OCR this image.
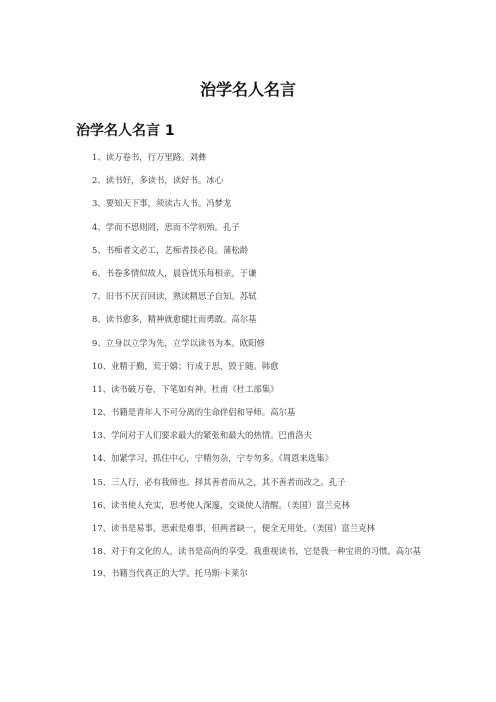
治学名人名言
治学名人名言 1
1、读万卷书，行万里路。刘彝
2、读书好，多读书，读好书。冰心
3、要知天下事，须读古人书。冯梦龙
4、学而不思则罔，思而不学则殆。孔子
5、书痴者文必工，艺痴者技必良。蒲松龄
6、书卷多情似故人，晨昏忧乐每相亲。于谦
7、旧书不厌百回读，熟读精思子自知。苏轼
8、读书愈多，精神就愈健壮而勇敢。高尔基
9、立身以立学为先，立学以读书为本。欧阳修
10、业精于勤，荒于嬉；行成于思，毁于随。韩愈
11、读书破万卷，下笔如有神。杜甫《杜工部集》
12、书籍是青年人不可分离的生命伴侣和导师。高尔基
13、学问对于人们要求最大的紧张和最大的热情。巴甫洛夫
14、加紧学习，抓住中心，宁精勿杂，宁专勿多。《周恩来选集》
15、三人行，必有我师也。择其善者而从之，其不善者而改之。孔子
16、读书使人充实，思考使人深邃，交谈使人清醒。（美国）富兰克林
17、读书是易事，思索是难事，但两者缺一，便全无用处。（美国）富兰克林
18、对于有文化的人，读书是高尚的享受。我重视读书，它是我一种宝贵的习惯。高尔基
19、书籍当代真正的大学。托马斯·卡莱尔
